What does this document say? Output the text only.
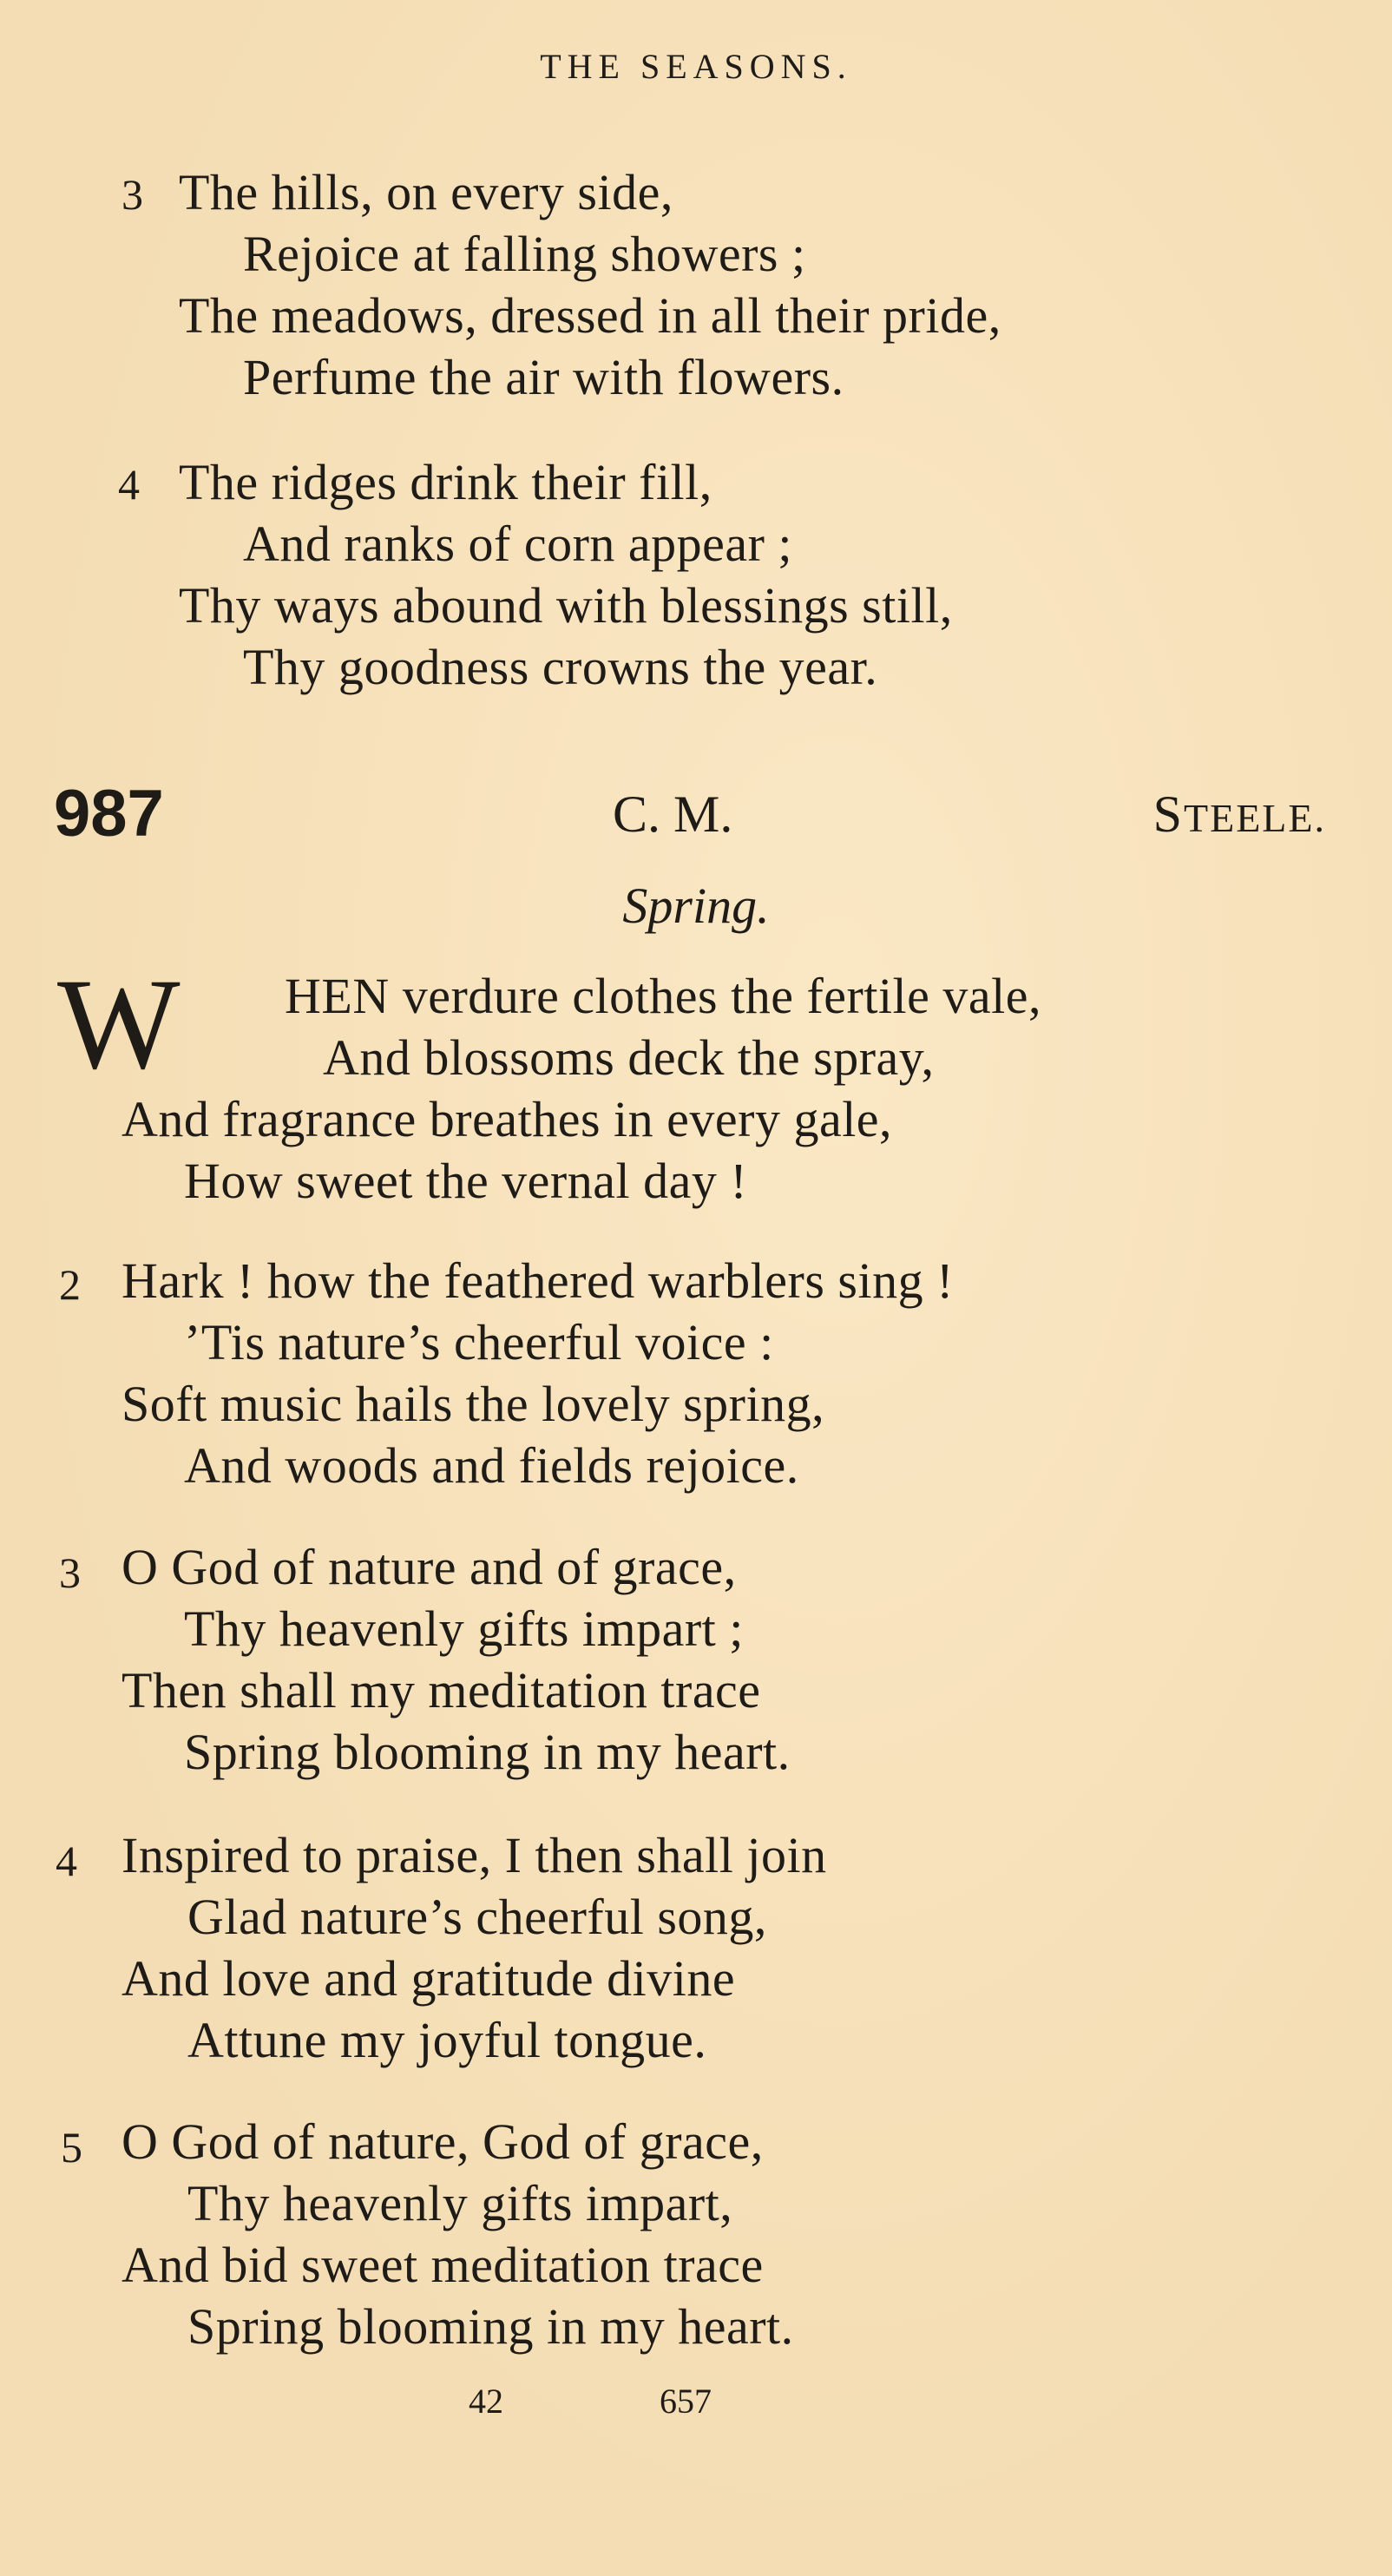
THE SEASONS.
3 The hills, on every side,
Rejoice at falling showers ;
The meadows, dressed in all their pride,
Perfume the air with flowers.
4 The ridges drink their fill,
And ranks of corn appear ;
Thy ways abound with blessings still,
Thy goodness crowns the year.
987	C. M.	STEELE.
Spring.
W HEN verdure clothes the fertile vale,
And blossoms deck the spray,
And fragrance breathes in every gale,
How sweet the vernal day !
2 Hark ! how the feathered warblers sing !
’Tis nature’s cheerful voice :
Soft music hails the lovely spring,
And woods and fields rejoice.
3 O God of nature and of grace,
Thy heavenly gifts impart ;
Then shall my meditation trace
Spring blooming in my heart.
4 Inspired to praise, I then shall join
Glad nature’s cheerful song,
And love and gratitude divine
Attune my joyful tongue.
5 O God of nature, God of grace,
Thy heavenly gifts impart,
And bid sweet meditation trace
Spring blooming in my heart.
42	657
